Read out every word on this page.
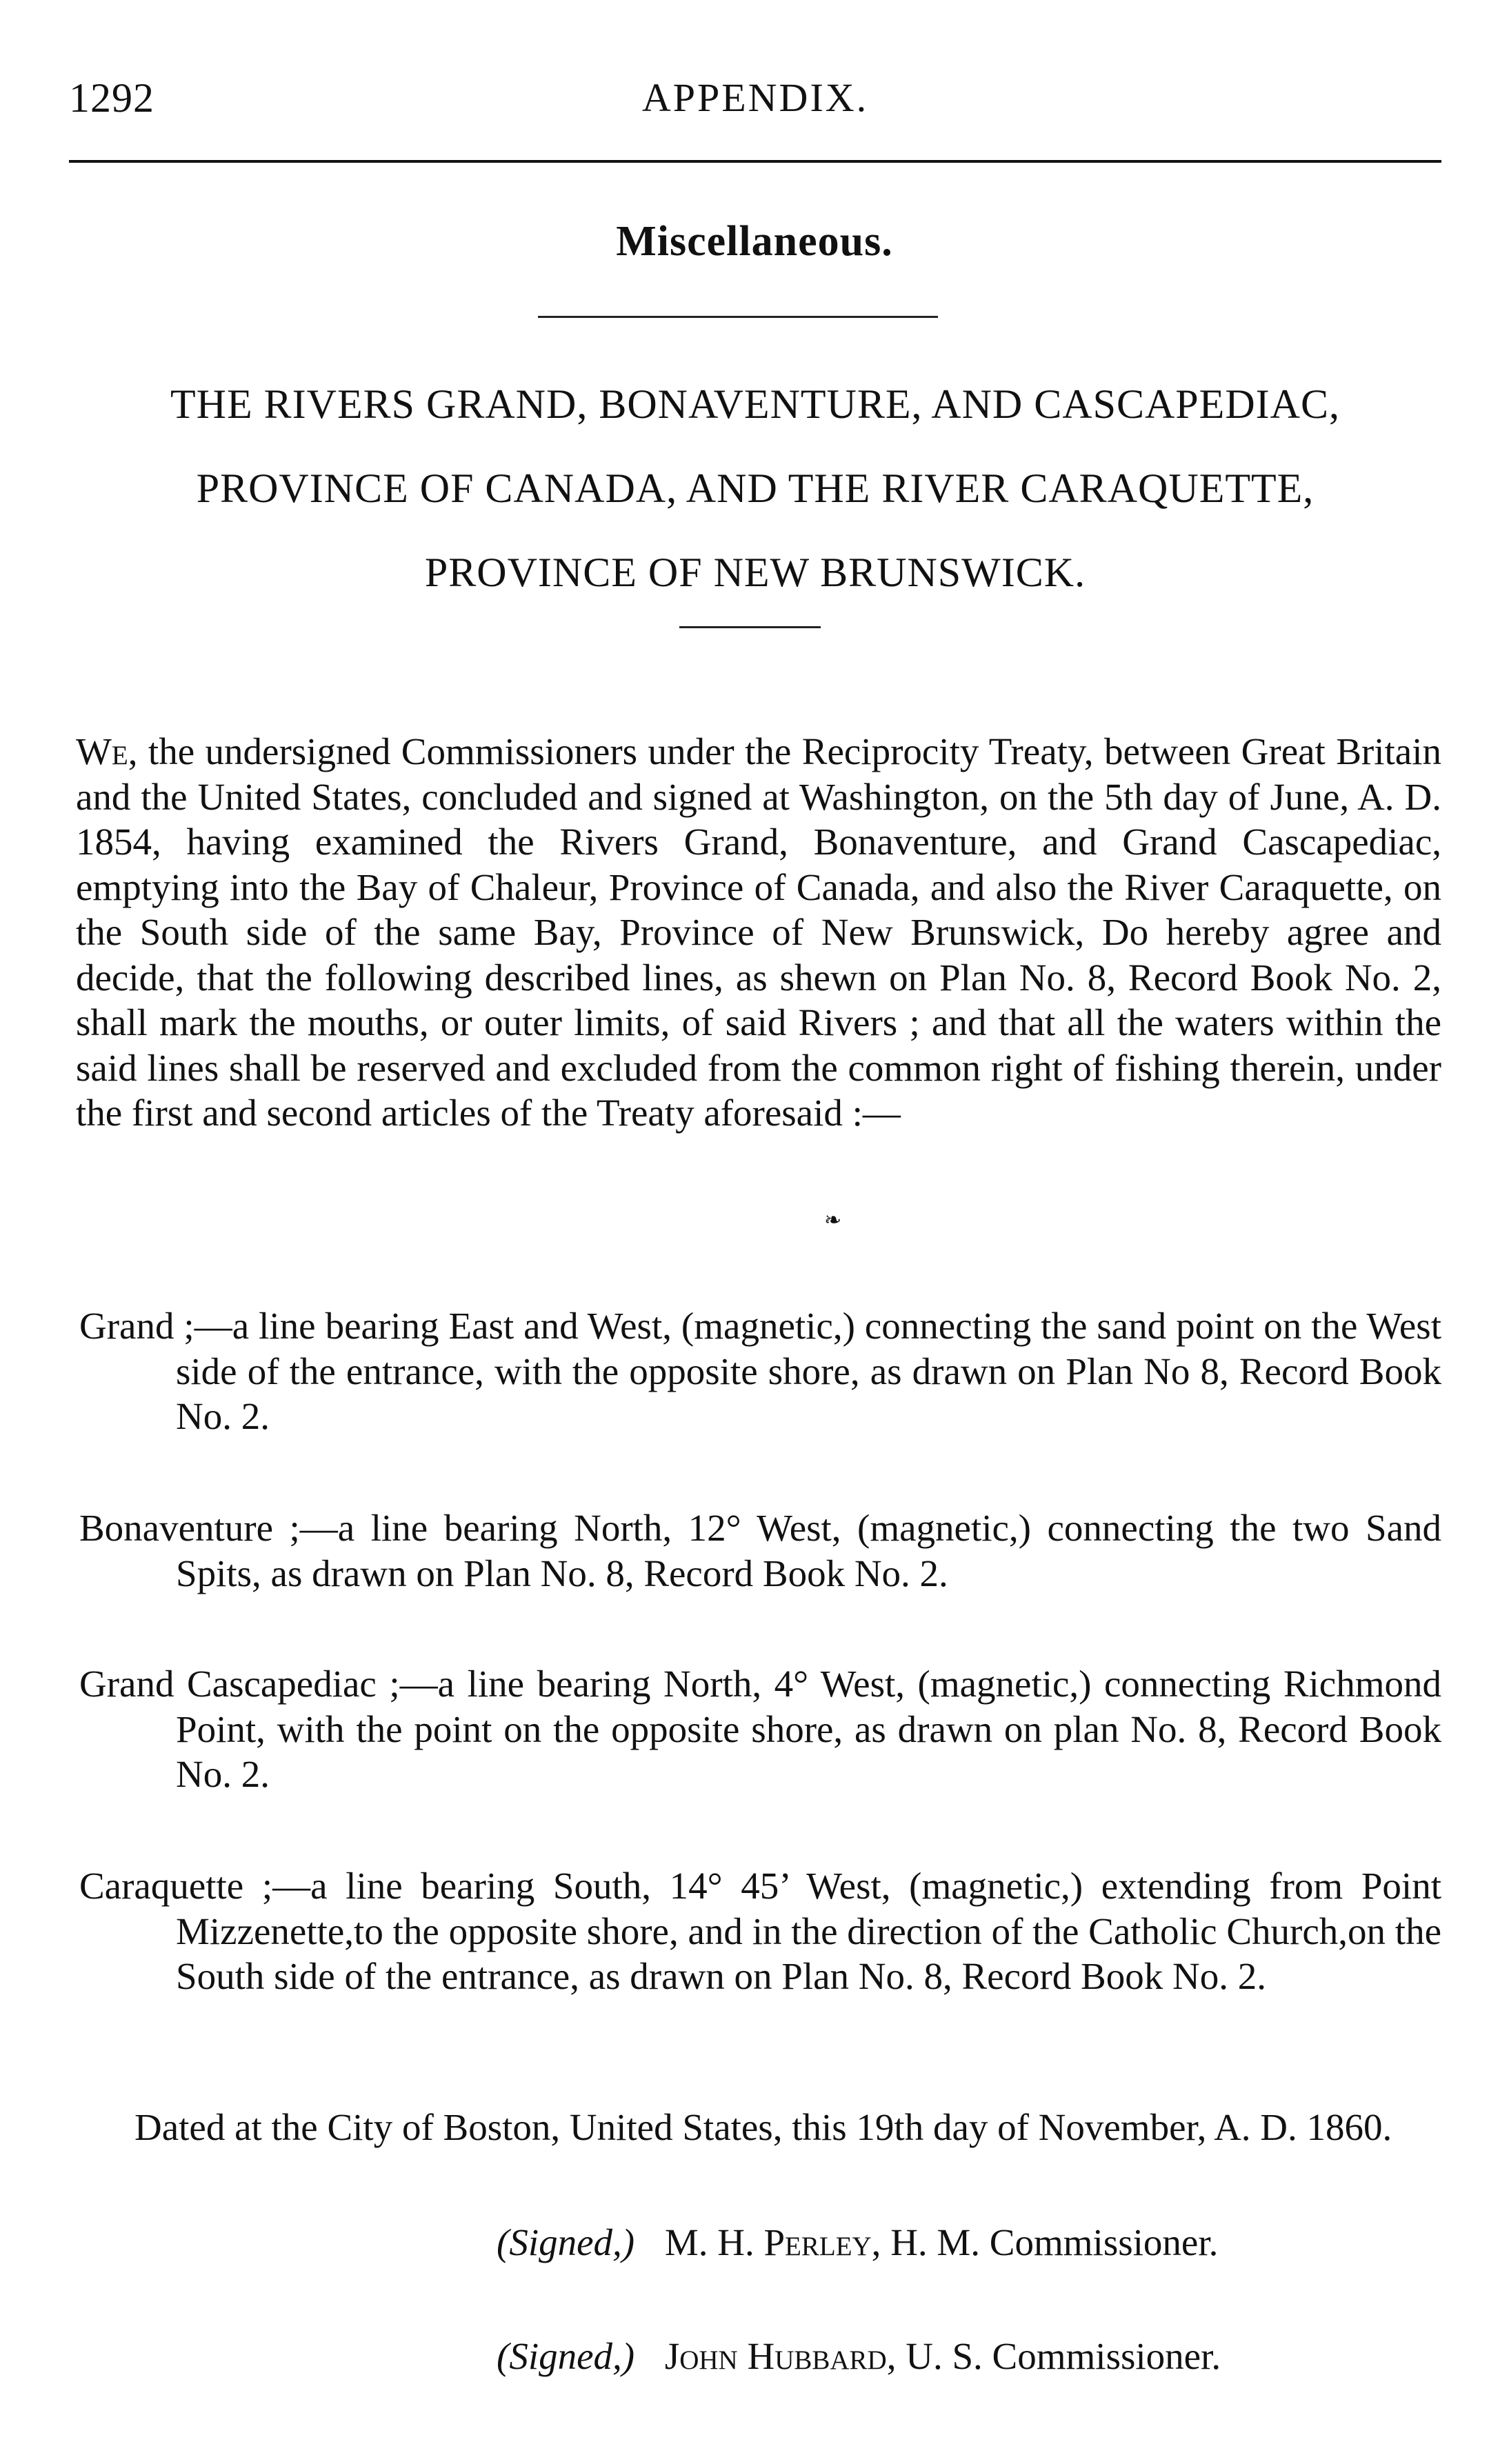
1292	APPENDIX.
Miscellaneous.
THE RIVERS GRAND, BONAVENTURE, AND CASCAPEDIAC,
PROVINCE OF CANADA, AND THE RIVER CARAQUETTE,
PROVINCE OF NEW BRUNSWICK.

We, the undersigned Commissioners under the Reciprocity Treaty, between Great Britain and the United States, concluded and signed at Washington, on the 5th day of June, A. D. 1854, having examined the Rivers Grand, Bonaventure, and Grand Cascapediac, emptying into the Bay of Chaleur, Province of Canada, and also the River Caraquette, on the South side of the same Bay, Province of New Brunswick, Do hereby agree and decide, that the following described lines, as shewn on Plan No. 8, Record Book No. 2, shall mark the mouths, or outer limits, of said Rivers ; and that all the waters within the said lines shall be reserved and excluded from the common right of fishing therein, under the first and second articles of the Treaty aforesaid :—

❧

Grand ;—a line bearing East and West, (magnetic,) connecting the sand point on the West side of the entrance, with the opposite shore, as drawn on Plan No 8, Record Book No. 2.

Bonaventure ;—a line bearing North, 12° West, (magnetic,) connecting the two Sand Spits, as drawn on Plan No. 8, Record Book No. 2.

Grand Cascapediac ;—a line bearing North, 4° West, (magnetic,) connecting Richmond Point, with the point on the opposite shore, as drawn on plan No. 8, Record Book No. 2.

Caraquette ;—a line bearing South, 14° 45’ West, (magnetic,) extending from Point Mizzenette,to the opposite shore, and in the direction of the Catholic Church,on the South side of the entrance, as drawn on Plan No. 8, Record Book No. 2.

Dated at the City of Boston, United States, this 19th day of November, A. D. 1860.

(Signed,) M. H. Perley, H. M. Commissioner.
(Signed,) John Hubbard, U. S. Commissioner.
